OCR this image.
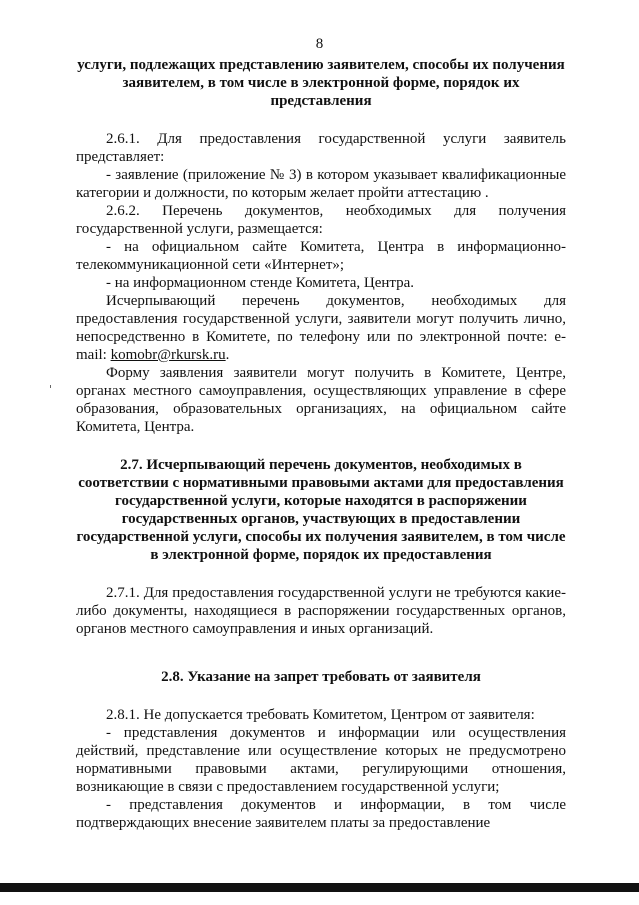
8

услуги, подлежащих представлению заявителем, способы их получения заявителем, в том числе в электронной форме, порядок их представления

2.6.1. Для предоставления государственной услуги заявитель представляет:

- заявление (приложение № 3) в котором указывает квалификационные категории и должности, по которым желает пройти аттестацию .

2.6.2. Перечень документов, необходимых для получения государственной услуги, размещается:

- на официальном сайте Комитета, Центра в информационно-телекоммуникационной сети «Интернет»;

- на информационном стенде Комитета, Центра.

Исчерпывающий перечень документов, необходимых для предоставления государственной услуги, заявители могут получить лично, непосредственно в Комитете, по телефону или по электронной почте: e-mail: komobr@rkursk.ru.

Форму заявления заявители могут получить в Комитете, Центре, органах местного самоуправления, осуществляющих управление в сфере образования, образовательных организациях, на официальном сайте Комитета, Центра.

2.7. Исчерпывающий перечень документов, необходимых в соответствии с нормативными правовыми актами для предоставления государственной услуги, которые находятся в распоряжении государственных органов, участвующих в предоставлении государственной услуги, способы их получения заявителем, в том числе в электронной форме, порядок их предоставления

2.7.1. Для предоставления государственной услуги не требуются какие-либо документы, находящиеся в распоряжении государственных органов, органов местного самоуправления и иных организаций.

2.8. Указание на запрет требовать от заявителя

2.8.1. Не допускается требовать Комитетом, Центром от заявителя:

- представления документов и информации или осуществления действий, представление или осуществление которых не предусмотрено нормативными правовыми актами, регулирующими отношения, возникающие в связи с предоставлением государственной услуги;

- представления документов и информации, в том числе подтверждающих внесение заявителем платы за предоставление
